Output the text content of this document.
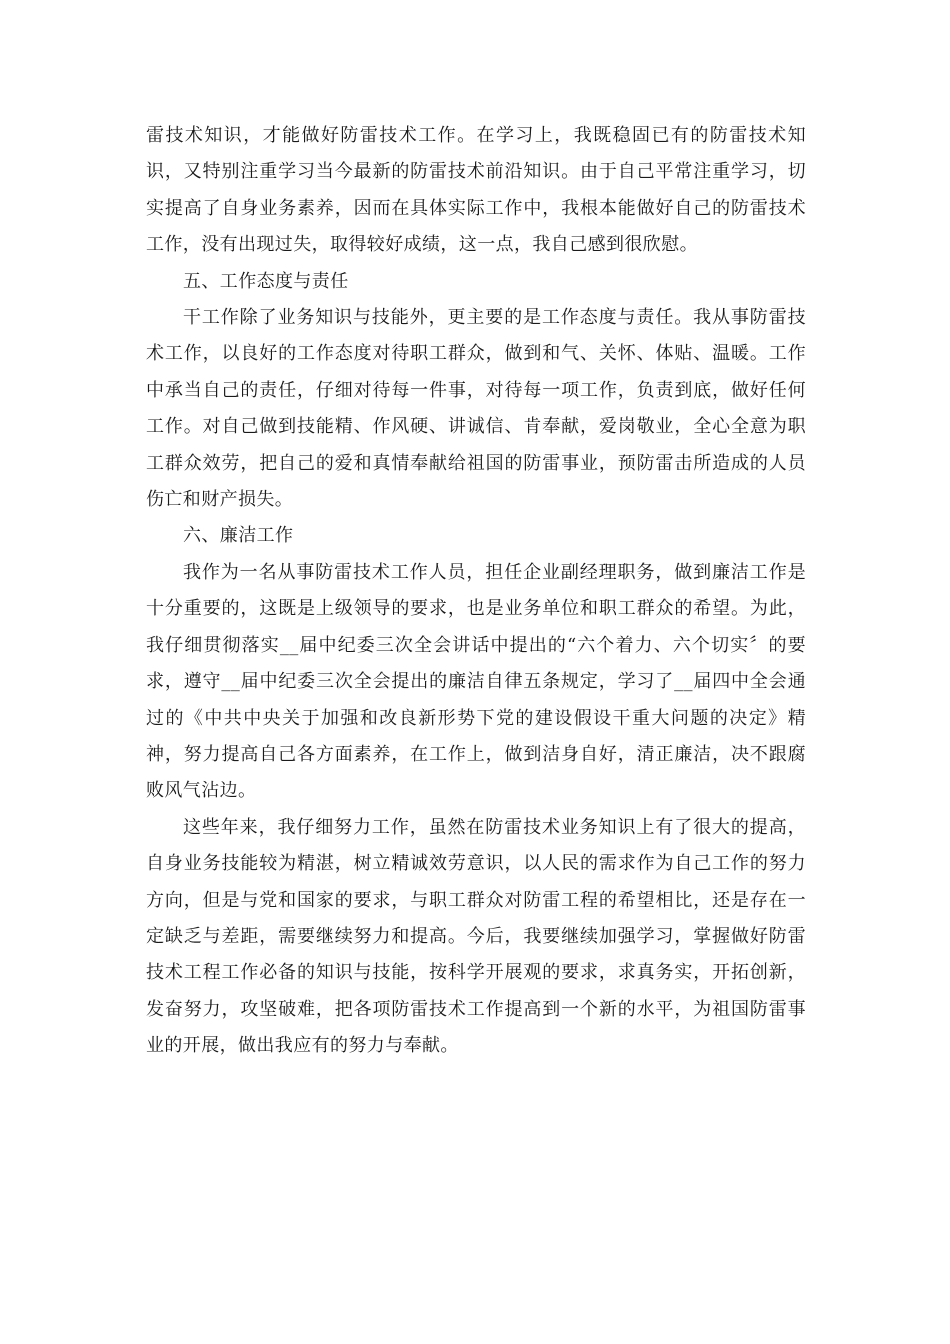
雷技术知识，才能做好防雷技术工作。在学习上，我既稳固已有的防雷技术知识，又特别注重学习当今最新的防雷技术前沿知识。由于自己平常注重学习，切实提高了自身业务素养，因而在具体实际工作中，我根本能做好自己的防雷技术工作，没有出现过失，取得较好成绩，这一点，我自己感到很欣慰。

五、工作态度与责任

干工作除了业务知识与技能外，更主要的是工作态度与责任。我从事防雷技术工作，以良好的工作态度对待职工群众，做到和气、关怀、体贴、温暖。工作中承当自己的责任，仔细对待每一件事，对待每一项工作，负责到底，做好任何工作。对自己做到技能精、作风硬、讲诚信、肯奉献，爱岗敬业，全心全意为职工群众效劳，把自己的爱和真情奉献给祖国的防雷事业，预防雷击所造成的人员伤亡和财产损失。

六、廉洁工作

我作为一名从事防雷技术工作人员，担任企业副经理职务，做到廉洁工作是十分重要的，这既是上级领导的要求，也是业务单位和职工群众的希望。为此，我仔细贯彻落实__届中纪委三次全会讲话中提出的“六个着力、六个切实〞的要求，遵守__届中纪委三次全会提出的廉洁自律五条规定，学习了__届四中全会通过的《中共中央关于加强和改良新形势下党的建设假设干重大问题的决定》精神，努力提高自己各方面素养，在工作上，做到洁身自好，清正廉洁，决不跟腐败风气沾边。

这些年来，我仔细努力工作，虽然在防雷技术业务知识上有了很大的提高，自身业务技能较为精湛，树立精诚效劳意识，以人民的需求作为自己工作的努力方向，但是与党和国家的要求，与职工群众对防雷工程的希望相比，还是存在一定缺乏与差距，需要继续努力和提高。今后，我要继续加强学习，掌握做好防雷技术工程工作必备的知识与技能，按科学开展观的要求，求真务实，开拓创新，发奋努力，攻坚破难，把各项防雷技术工作提高到一个新的水平，为祖国防雷事业的开展，做出我应有的努力与奉献。
